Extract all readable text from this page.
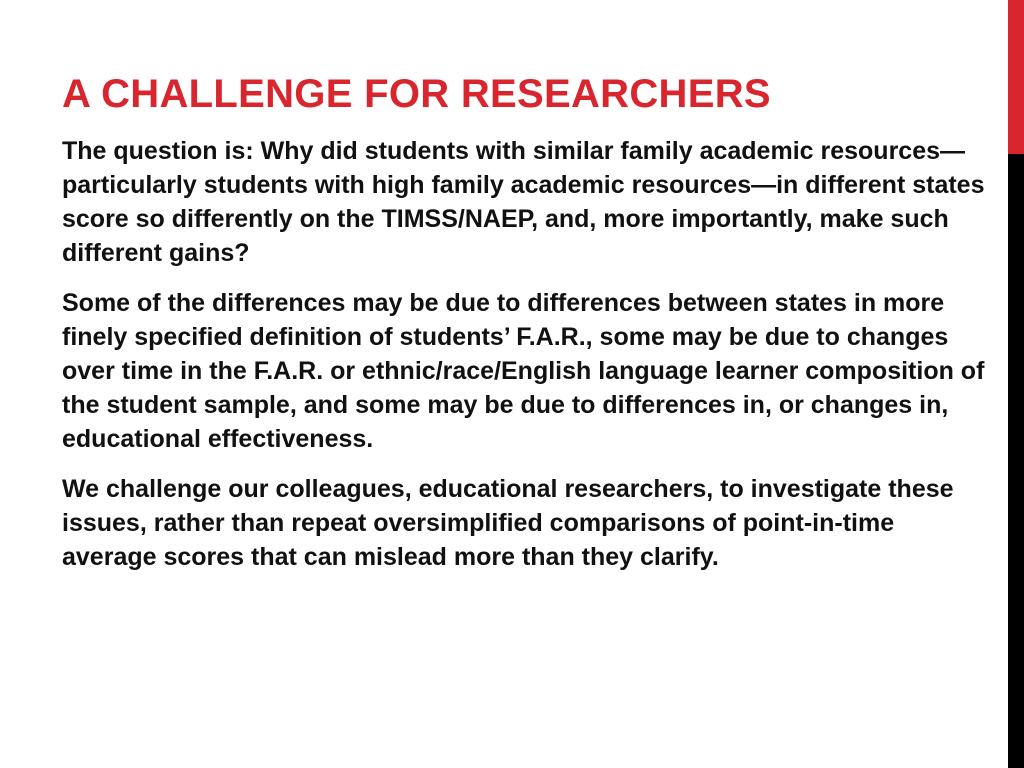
A CHALLENGE FOR RESEARCHERS

The question is: Why did students with similar family academic resources—particularly students with high family academic resources—in different states score so differently on the TIMSS/NAEP, and, more importantly, make such different gains?

Some of the differences may be due to differences between states in more finely specified definition of students’ F.A.R., some may be due to changes over time in the F.A.R. or ethnic/race/English language learner composition of the student sample, and some may be due to differences in, or changes in, educational effectiveness.

We challenge our colleagues, educational researchers, to investigate these issues, rather than repeat oversimplified comparisons of point-in-time average scores that can mislead more than they clarify.
